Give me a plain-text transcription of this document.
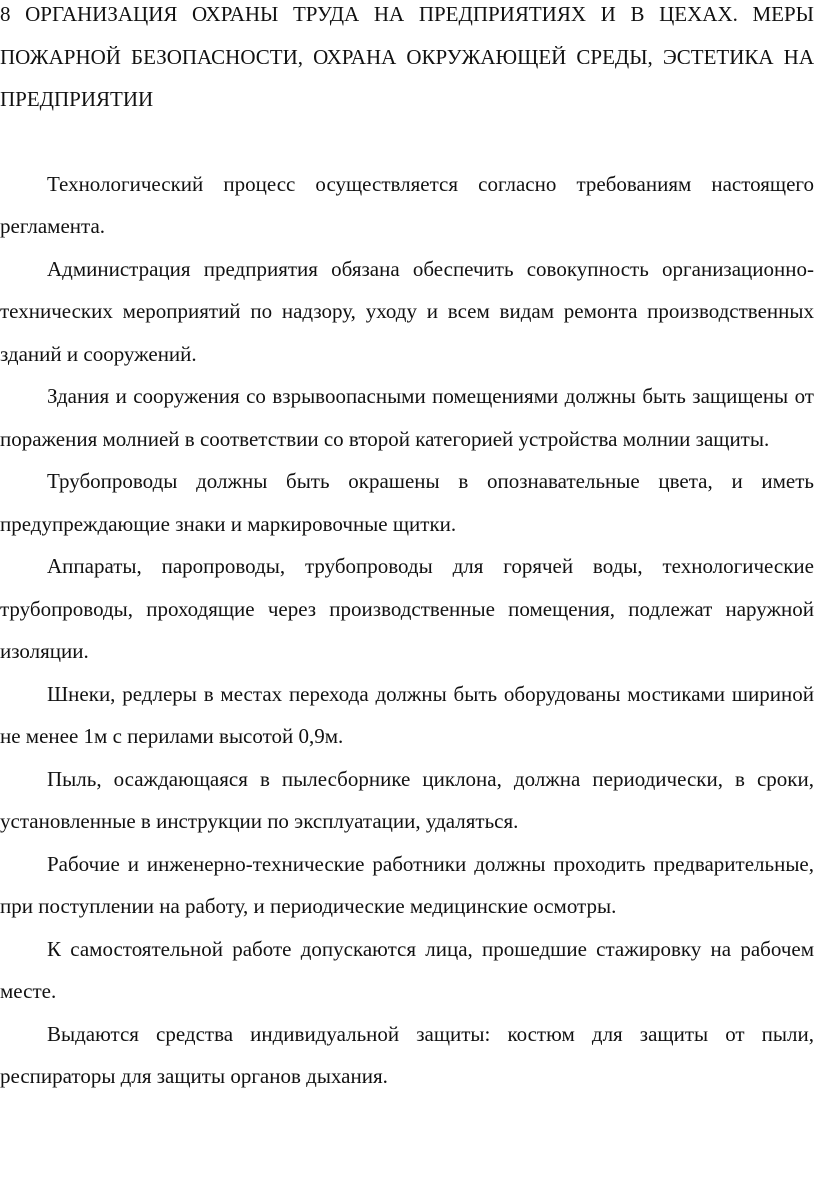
8 ОРГАНИЗАЦИЯ ОХРАНЫ ТРУДА НА ПРЕДПРИЯТИЯХ И В ЦЕХАХ. МЕРЫ ПОЖАРНОЙ БЕЗОПАСНОСТИ, ОХРАНА ОКРУЖАЮЩЕЙ СРЕДЫ, ЭСТЕТИКА НА ПРЕДПРИЯТИИ

Технологический процесс осуществляется согласно требованиям настоящего регламента.

Администрация предприятия обязана обеспечить совокупность организационно-технических мероприятий по надзору, уходу и всем видам ремонта производственных зданий и сооружений.

Здания и сооружения со взрывоопасными помещениями должны быть защищены от поражения молнией в соответствии со второй категорией устройства молнии защиты.

Трубопроводы должны быть окрашены в опознавательные цвета, и иметь предупреждающие знаки и маркировочные щитки.

Аппараты, паропроводы, трубопроводы для горячей воды, технологические трубопроводы, проходящие через производственные помещения, подлежат наружной изоляции.

Шнеки, редлеры в местах перехода должны быть оборудованы мостиками шириной не менее 1м с перилами высотой 0,9м.

Пыль, осаждающаяся в пылесборнике циклона, должна периодически, в сроки, установленные в инструкции по эксплуатации, удаляться.

Рабочие и инженерно-технические работники должны проходить предварительные, при поступлении на работу, и периодические медицинские осмотры.

К самостоятельной работе допускаются лица, прошедшие стажировку на рабочем месте.

Выдаются средства индивидуальной защиты: костюм для защиты от пыли, респираторы для защиты органов дыхания.
